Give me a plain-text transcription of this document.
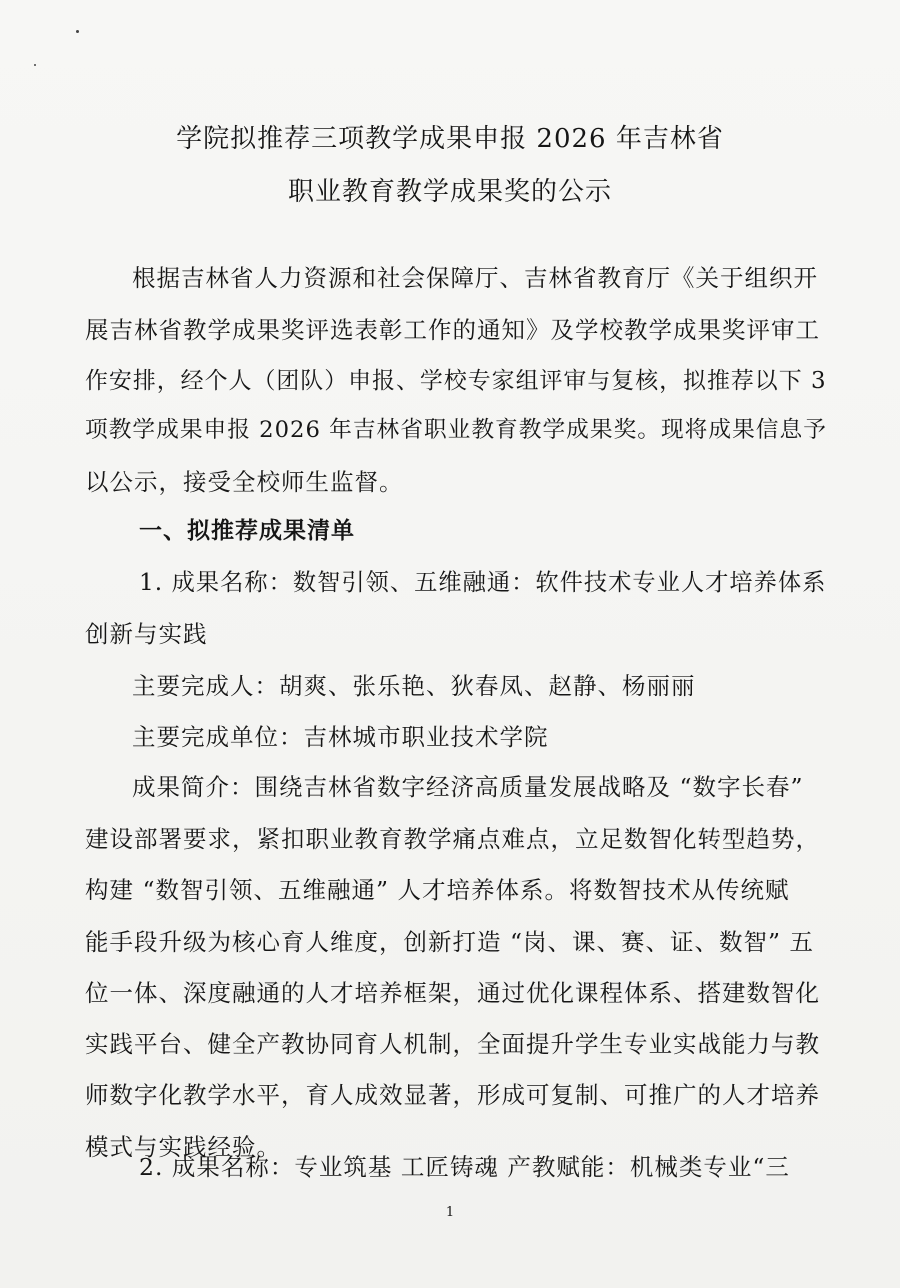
学院拟推荐三项教学成果申报 2026 年吉林省
职业教育教学成果奖的公示
根据吉林省人力资源和社会保障厅、吉林省教育厅《关于组织开
展吉林省教学成果奖评选表彰工作的通知》及学校教学成果奖评审工
作安排，经个人（团队）申报、学校专家组评审与复核，拟推荐以下 3
项教学成果申报 2026 年吉林省职业教育教学成果奖。现将成果信息予
以公示，接受全校师生监督。
一、拟推荐成果清单
1. 成果名称：数智引领、五维融通：软件技术专业人才培养体系
创新与实践
主要完成人：胡爽、张乐艳、狄春凤、赵静、杨丽丽
主要完成单位：吉林城市职业技术学院
成果简介：围绕吉林省数字经济高质量发展战略及 “数字长春”
建设部署要求，紧扣职业教育教学痛点难点，立足数智化转型趋势，
构建 “数智引领、五维融通” 人才培养体系。将数智技术从传统赋
能手段升级为核心育人维度，创新打造 “岗、课、赛、证、数智” 五
位一体、深度融通的人才培养框架，通过优化课程体系、搭建数智化
实践平台、健全产教协同育人机制，全面提升学生专业实战能力与教
师数字化教学水平，育人成效显著，形成可复制、可推广的人才培养
模式与实践经验。
2. 成果名称：专业筑基 工匠铸魂 产教赋能：机械类专业“三
1
